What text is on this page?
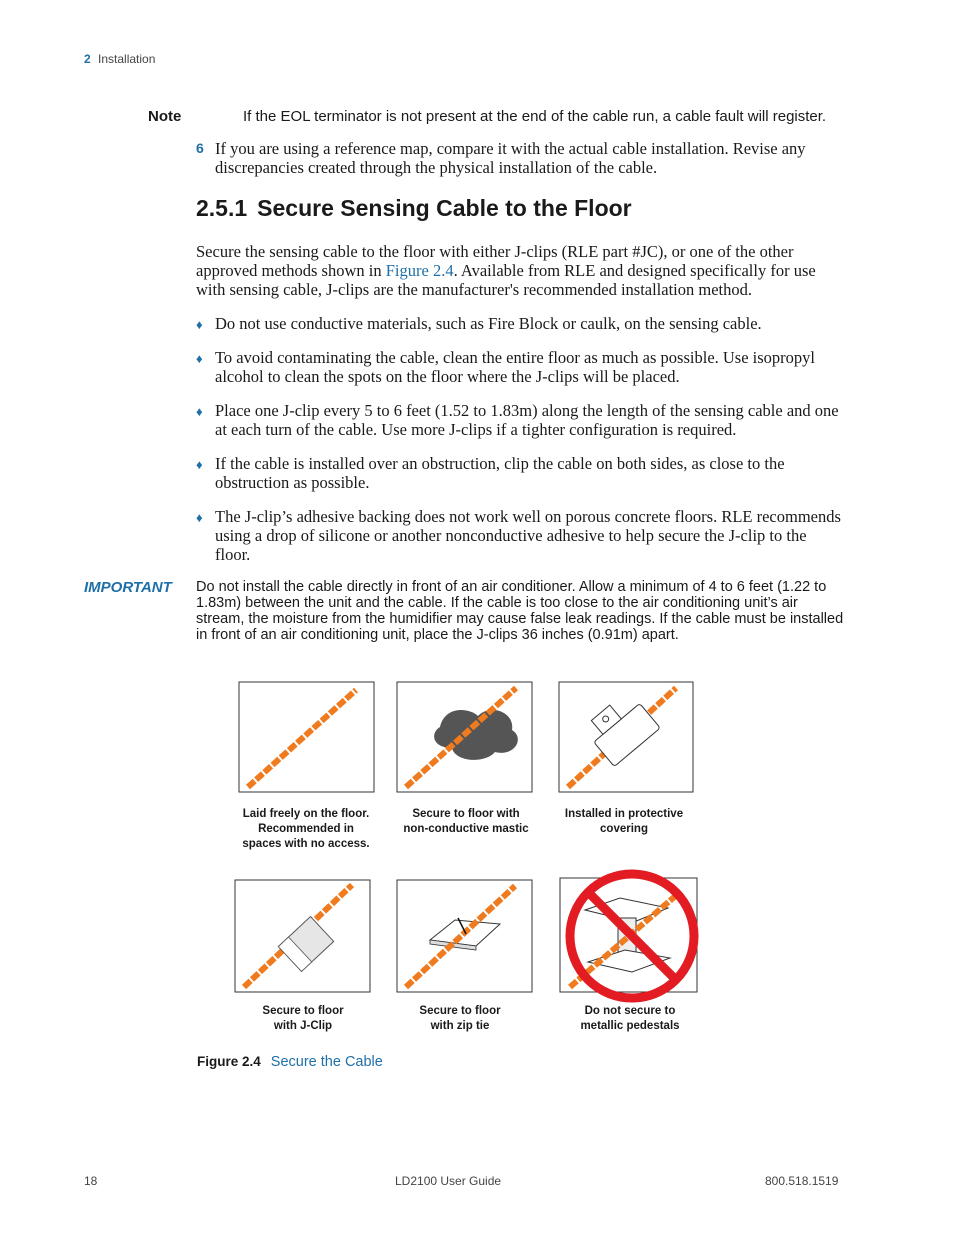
2 Installation
Note	If the EOL terminator is not present at the end of the cable run, a cable fault will register.
6 If you are using a reference map, compare it with the actual cable installation. Revise any discrepancies created through the physical installation of the cable.
2.5.1 Secure Sensing Cable to the Floor
Secure the sensing cable to the floor with either J-clips (RLE part #JC), or one of the other approved methods shown in Figure 2.4. Available from RLE and designed specifically for use with sensing cable, J-clips are the manufacturer's recommended installation method.
♦ Do not use conductive materials, such as Fire Block or caulk, on the sensing cable.
♦ To avoid contaminating the cable, clean the entire floor as much as possible. Use isopropyl alcohol to clean the spots on the floor where the J-clips will be placed.
♦ Place one J-clip every 5 to 6 feet (1.52 to 1.83m) along the length of the sensing cable and one at each turn of the cable. Use more J-clips if a tighter configuration is required.
♦ If the cable is installed over an obstruction, clip the cable on both sides, as close to the obstruction as possible.
♦ The J-clip’s adhesive backing does not work well on porous concrete floors. RLE recommends using a drop of silicone or another nonconductive adhesive to help secure the J-clip to the floor.
IMPORTANT Do not install the cable directly in front of an air conditioner. Allow a minimum of 4 to 6 feet (1.22 to 1.83m) between the unit and the cable. If the cable is too close to the air conditioning unit’s air stream, the moisture from the humidifier may cause false leak readings. If the cable must be installed in front of an air conditioning unit, place the J-clips 36 inches (0.91m) apart.
Laid freely on the floor.
Recommended in
spaces with no access.
Secure to floor with
non-conductive mastic
Installed in protective
covering
Secure to floor
with J-Clip
Secure to floor
with zip tie
Do not secure to
metallic pedestals
Figure 2.4 Secure the Cable
18	LD2100 User Guide	800.518.1519
